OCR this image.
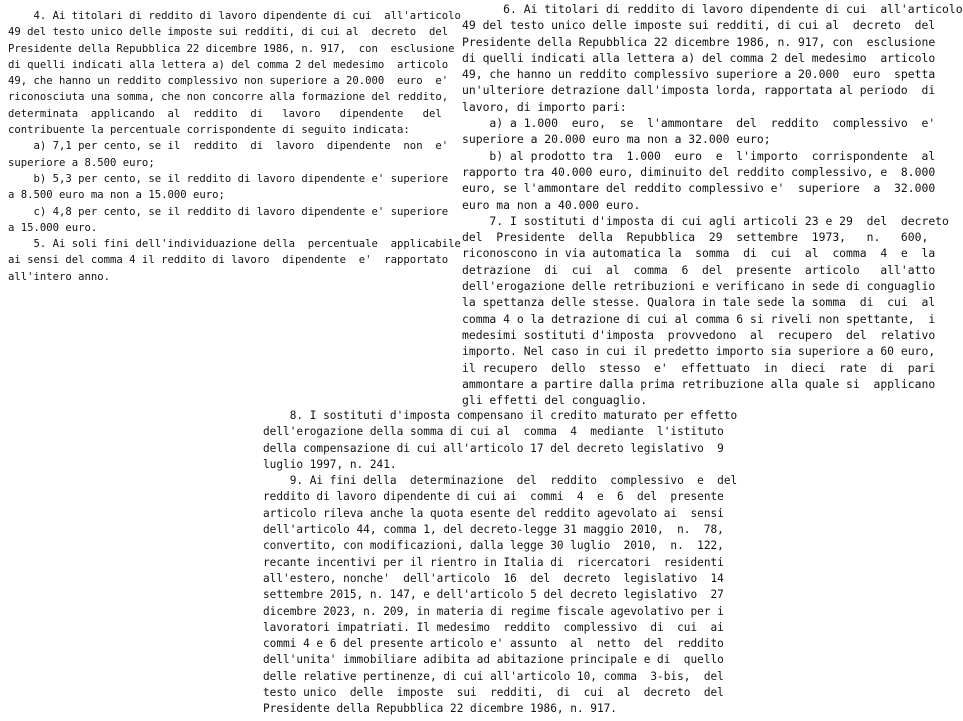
4. Ai titolari di reddito di lavoro dipendente di cui  all'articolo
49 del testo unico delle imposte sui redditi, di cui al  decreto  del
Presidente della Repubblica 22 dicembre 1986, n. 917,  con  esclusione
di quelli indicati alla lettera a) del comma 2 del medesimo  articolo
49, che hanno un reddito complessivo non superiore a 20.000  euro  e'
riconosciuta una somma, che non concorre alla formazione del reddito,
determinata  applicando  al  reddito  di   lavoro   dipendente   del
contribuente la percentuale corrispondente di seguito indicata:
a) 7,1 per cento, se il  reddito  di  lavoro  dipendente  non  e'
superiore a 8.500 euro;
b) 5,3 per cento, se il reddito di lavoro dipendente e' superiore
a 8.500 euro ma non a 15.000 euro;
c) 4,8 per cento, se il reddito di lavoro dipendente e' superiore
a 15.000 euro.
5. Ai soli fini dell'individuazione della  percentuale  applicabile
ai sensi del comma 4 il reddito di lavoro  dipendente  e'  rapportato
all'intero anno.
6. Ai titolari di reddito di lavoro dipendente di cui  all'articolo
49 del testo unico delle imposte sui redditi, di cui al  decreto  del
Presidente della Repubblica 22 dicembre 1986, n. 917, con  esclusione
di quelli indicati alla lettera a) del comma 2 del medesimo  articolo
49, che hanno un reddito complessivo superiore a 20.000  euro  spetta
un'ulteriore detrazione dall'imposta lorda, rapportata al periodo  di
lavoro, di importo pari:
a) a 1.000  euro,  se  l'ammontare  del  reddito  complessivo  e'
superiore a 20.000 euro ma non a 32.000 euro;
b) al prodotto tra  1.000  euro  e  l'importo  corrispondente  al
rapporto tra 40.000 euro, diminuito del reddito complessivo, e  8.000
euro, se l'ammontare del reddito complessivo e'  superiore  a  32.000
euro ma non a 40.000 euro.
7. I sostituti d'imposta di cui agli articoli 23 e 29  del  decreto
del  Presidente  della  Repubblica  29  settembre  1973,   n.   600,
riconoscono in via automatica la  somma  di  cui  al  comma  4  e  la
detrazione  di  cui  al  comma  6  del  presente  articolo   all'atto
dell'erogazione delle retribuzioni e verificano in sede di conguaglio
la spettanza delle stesse. Qualora in tale sede la somma  di  cui  al
comma 4 o la detrazione di cui al comma 6 si riveli non spettante,  i
medesimi sostituti d'imposta  provvedono  al  recupero  del  relativo
importo. Nel caso in cui il predetto importo sia superiore a 60 euro,
il recupero  dello  stesso  e'  effettuato  in  dieci  rate  di  pari
ammontare a partire dalla prima retribuzione alla quale si  applicano
gli effetti del conguaglio.
8. I sostituti d'imposta compensano il credito maturato per effetto
dell'erogazione della somma di cui al  comma  4  mediante  l'istituto
della compensazione di cui all'articolo 17 del decreto legislativo  9
luglio 1997, n. 241.
9. Ai fini della  determinazione  del  reddito  complessivo  e  del
reddito di lavoro dipendente di cui ai  commi  4  e  6  del  presente
articolo rileva anche la quota esente del reddito agevolato ai  sensi
dell'articolo 44, comma 1, del decreto-legge 31 maggio 2010,  n.  78,
convertito, con modificazioni, dalla legge 30 luglio  2010,  n.  122,
recante incentivi per il rientro in Italia di  ricercatori  residenti
all'estero, nonche'  dell'articolo  16  del  decreto  legislativo  14
settembre 2015, n. 147, e dell'articolo 5 del decreto legislativo  27
dicembre 2023, n. 209, in materia di regime fiscale agevolativo per i
lavoratori impatriati. Il medesimo  reddito  complessivo  di  cui  ai
commi 4 e 6 del presente articolo e' assunto  al  netto  del  reddito
dell'unita' immobiliare adibita ad abitazione principale e di  quello
delle relative pertinenze, di cui all'articolo 10, comma  3-bis,  del
testo unico  delle  imposte  sui  redditi,  di  cui  al  decreto  del
Presidente della Repubblica 22 dicembre 1986, n. 917.
